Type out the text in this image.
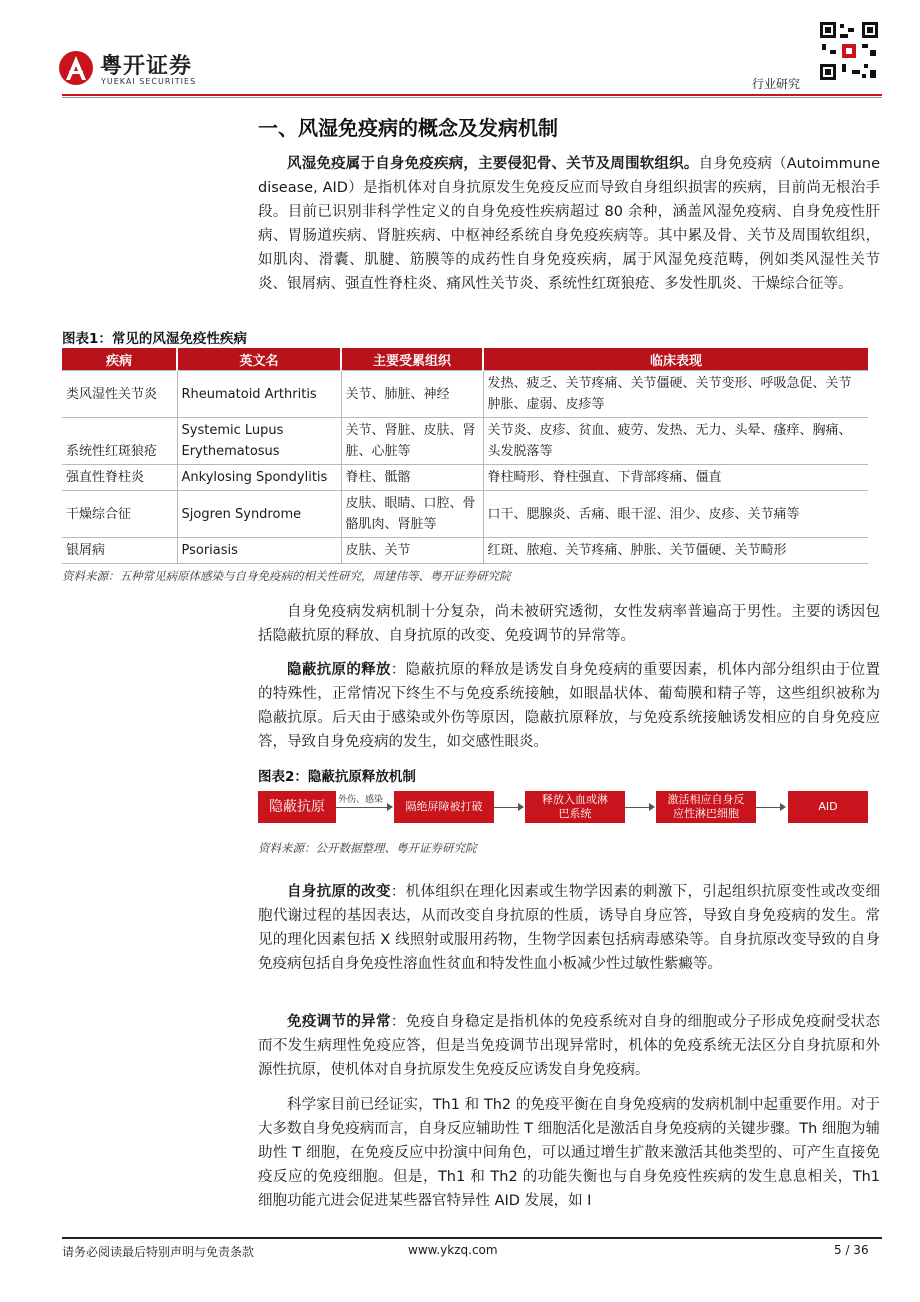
粤开证券
YUEKAI SECURITIES	行业研究
一、风湿免疫病的概念及发病机制
风湿免疫属于自身免疫疾病，主要侵犯骨、关节及周围软组织。自身免疫病（Autoimmune disease, AID）是指机体对自身抗原发生免疫反应而导致自身组织损害的疾病，目前尚无根治手段。目前已识别非科学性定义的自身免疫性疾病超过 80 余种，涵盖风湿免疫病、自身免疫性肝病、胃肠道疾病、肾脏疾病、中枢神经系统自身免疫疾病等。其中累及骨、关节及周围软组织，如肌肉、滑囊、肌腱、筋膜等的成药性自身免疫疾病，属于风湿免疫范畴，例如类风湿性关节炎、银屑病、强直性脊柱炎、痛风性关节炎、系统性红斑狼疮、多发性肌炎、干燥综合征等。
图表1：常见的风湿免疫性疾病
疾病	英文名	主要受累组织	临床表现
类风湿性关节炎	Rheumatoid Arthritis	关节、肺脏、神经	发热、疲乏、关节疼痛、关节僵硬、关节变形、呼吸急促、关节肿胀、虚弱、皮疹等
系统性红斑狼疮	Systemic Lupus Erythematosus	关节、肾脏、皮肤、肾脏、心脏等	关节炎、皮疹、贫血、疲劳、发热、无力、头晕、瘙痒、胸痛、头发脱落等
强直性脊柱炎	Ankylosing Spondylitis	脊柱、骶髂	脊柱畸形、脊柱强直、下背部疼痛、僵直
干燥综合征	Sjogren Syndrome	皮肤、眼睛、口腔、骨骼肌肉、肾脏等	口干、腮腺炎、舌痛、眼干涩、泪少、皮疹、关节痛等
银屑病	Psoriasis	皮肤、关节	红斑、脓疱、关节疼痛、肿胀、关节僵硬、关节畸形
资料来源：五种常见病原体感染与自身免疫病的相关性研究，周建伟等、粤开证券研究院
自身免疫病发病机制十分复杂，尚未被研究透彻，女性发病率普遍高于男性。主要的诱因包括隐蔽抗原的释放、自身抗原的改变、免疫调节的异常等。
隐蔽抗原的释放：隐蔽抗原的释放是诱发自身免疫病的重要因素，机体内部分组织由于位置的特殊性，正常情况下终生不与免疫系统接触，如眼晶状体、葡萄膜和精子等，这些组织被称为隐蔽抗原。后天由于感染或外伤等原因，隐蔽抗原释放，与免疫系统接触诱发相应的自身免疫应答，导致自身免疫病的发生，如交感性眼炎。
图表2：隐蔽抗原释放机制
隐蔽抗原	外伤、感染	隔绝屏障被打破
释放入血或淋巴系统
激活相应自身反应性淋巴细胞
AID
资料来源：公开数据整理、粤开证券研究院
自身抗原的改变：机体组织在理化因素或生物学因素的刺激下，引起组织抗原变性或改变细胞代谢过程的基因表达，从而改变自身抗原的性质，诱导自身应答，导致自身免疫病的发生。常见的理化因素包括 X 线照射或服用药物，生物学因素包括病毒感染等。自身抗原改变导致的自身免疫病包括自身免疫性溶血性贫血和特发性血小板减少性过敏性紫癜等。
免疫调节的异常：免疫自身稳定是指机体的免疫系统对自身的细胞或分子形成免疫耐受状态而不发生病理性免疫应答，但是当免疫调节出现异常时，机体的免疫系统无法区分自身抗原和外源性抗原，使机体对自身抗原发生免疫反应诱发自身免疫病。
科学家目前已经证实，Th1 和 Th2 的免疫平衡在自身免疫病的发病机制中起重要作用。对于大多数自身免疫病而言，自身反应辅助性 T 细胞活化是激活自身免疫病的关键步骤。Th 细胞为辅助性 T 细胞，在免疫反应中扮演中间角色，可以通过增生扩散来激活其他类型的、可产生直接免疫反应的免疫细胞。但是，Th1 和 Th2 的功能失衡也与自身免疫性疾病的发生息息相关，Th1 细胞功能亢进会促进某些器官特异性 AID 发展，如 I
请务必阅读最后特别声明与免责条款	www.ykzq.com	5 / 36
